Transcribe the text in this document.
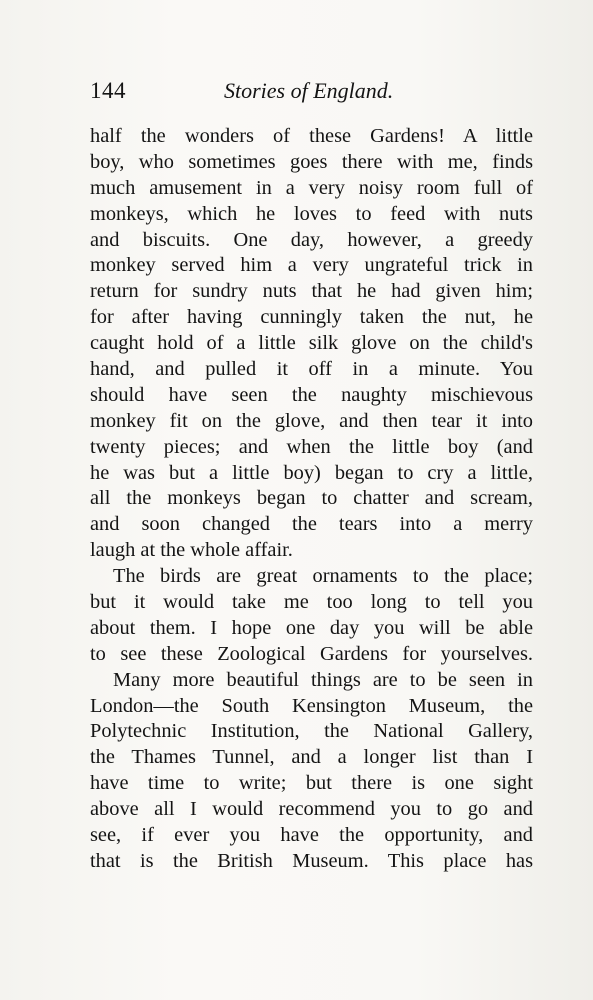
144	Stories of England.
half the wonders of these Gardens! A little
boy, who sometimes goes there with me, finds
much amusement in a very noisy room full of
monkeys, which he loves to feed with nuts
and biscuits. One day, however, a greedy
monkey served him a very ungrateful trick in
return for sundry nuts that he had given him;
for after having cunningly taken the nut, he
caught hold of a little silk glove on the child's
hand, and pulled it off in a minute. You
should have seen the naughty mischievous
monkey fit on the glove, and then tear it into
twenty pieces; and when the little boy (and
he was but a little boy) began to cry a little,
all the monkeys began to chatter and scream,
and soon changed the tears into a merry
laugh at the whole affair.
The birds are great ornaments to the place;
but it would take me too long to tell you
about them. I hope one day you will be able
to see these Zoological Gardens for yourselves.
Many more beautiful things are to be seen in
London—the South Kensington Museum, the
Polytechnic Institution, the National Gallery,
the Thames Tunnel, and a longer list than I
have time to write; but there is one sight
above all I would recommend you to go and
see, if ever you have the opportunity, and
that is the British Museum. This place has
